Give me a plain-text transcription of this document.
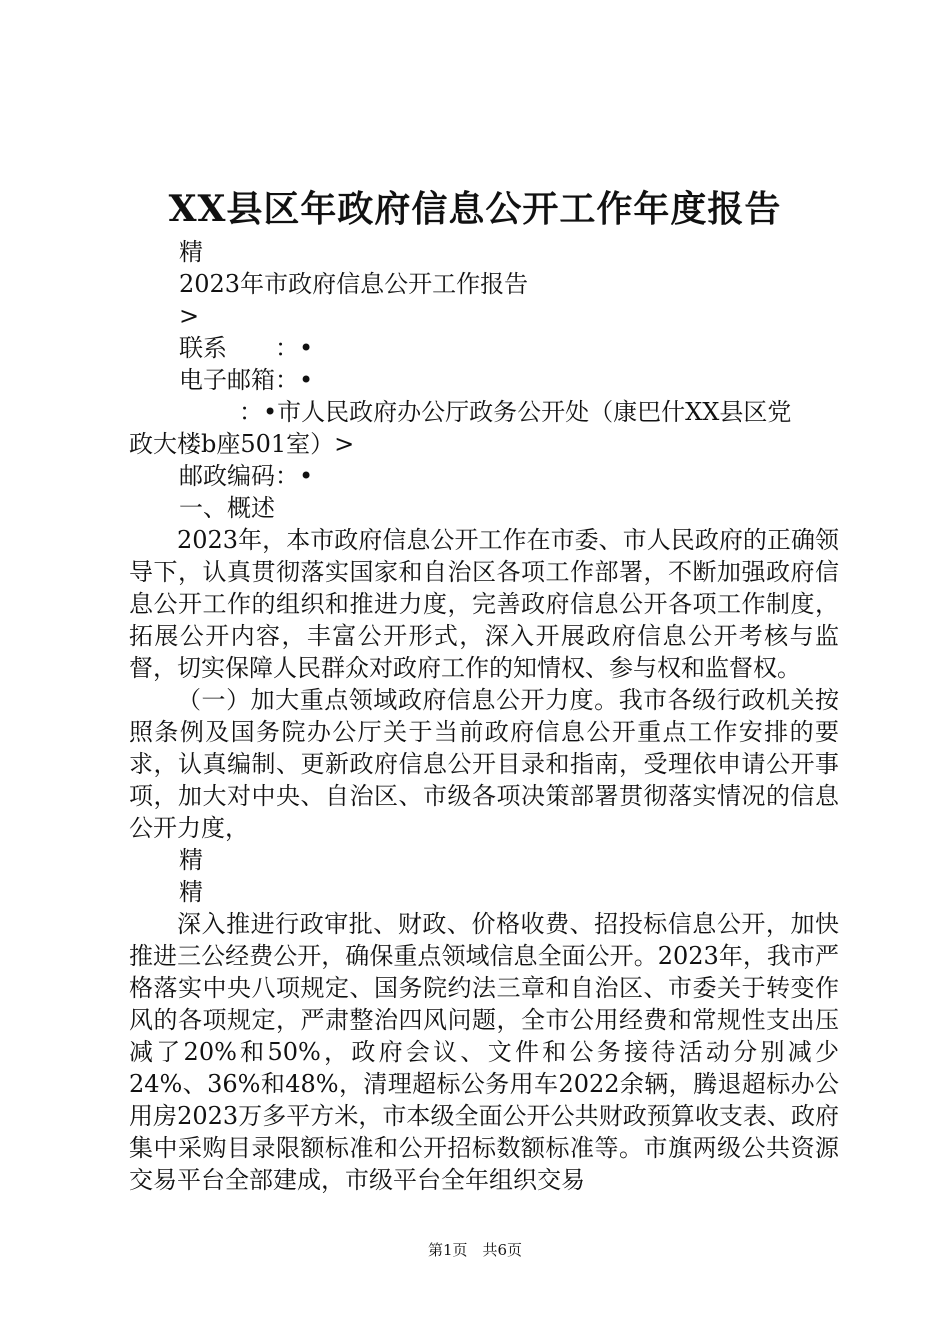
XX县区年政府信息公开工作年度报告
精
2023年市政府信息公开工作报告
>
联系　　：•
电子邮箱：•
：•市人民政府办公厅政务公开处（康巴什XX县区党
政大楼b座501室）>
邮政编码：•
一、概述
2023年，本市政府信息公开工作在市委、市人民政府的正确领导下，认真贯彻落实国家和自治区各项工作部署，不断加强政府信息公开工作的组织和推进力度，完善政府信息公开各项工作制度，拓展公开内容，丰富公开形式，深入开展政府信息公开考核与监督，切实保障人民群众对政府工作的知情权、参与权和监督权。
（一）加大重点领域政府信息公开力度。我市各级行政机关按照条例及国务院办公厅关于当前政府信息公开重点工作安排的要求，认真编制、更新政府信息公开目录和指南，受理依申请公开事项，加大对中央、自治区、市级各项决策部署贯彻落实情况的信息公开力度，
精
精
深入推进行政审批、财政、价格收费、招投标信息公开，加快推进三公经费公开，确保重点领域信息全面公开。2023年，我市严格落实中央八项规定、国务院约法三章和自治区、市委关于转变作风的各项规定，严肃整治四风问题，全市公用经费和常规性支出压减了20%和50%，政府会议、文件和公务接待活动分别减少24%、36%和48%，清理超标公务用车2022余辆，腾退超标办公用房2023万多平方米，市本级全面公开公共财政预算收支表、政府集中采购目录限额标准和公开招标数额标准等。市旗两级公共资源交易平台全部建成，市级平台全年组织交易
第1页　共6页
